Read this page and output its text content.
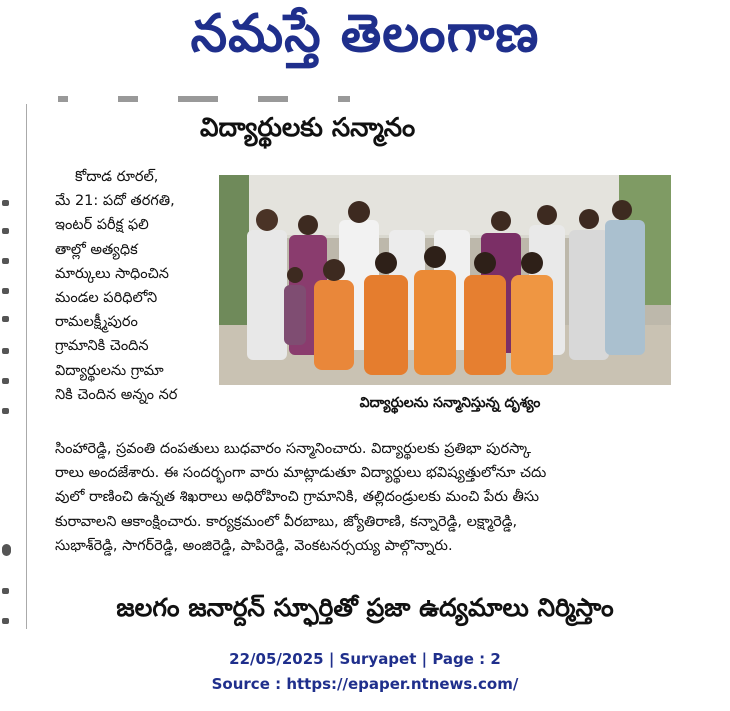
నమస్తే తెలంగాణ
విద్యార్థులకు సన్మానం
కోదాడ రూరల్,
మే 21: పదో తరగతి,
ఇంటర్ పరీక్ష ఫలి
తాల్లో అత్యధిక
మార్కులు సాధించిన
మండల పరిధిలోని
రామలక్ష్మీపురం
గ్రామానికి చెందిన
విద్యార్థులను గ్రామా
నికి చెందిన అన్నం నర
విద్యార్థులను సన్మానిస్తున్న దృశ్యం
సింహారెడ్డి, స్రవంతి దంపతులు బుధవారం సన్మానించారు. విద్యార్థులకు ప్రతిభా పురస్కా
రాలు అందజేశారు. ఈ సందర్భంగా వారు మాట్లాడుతూ విద్యార్థులు భవిష్యత్తులోనూ చదు
వులో రాణించి ఉన్నత శిఖరాలు అధిరోహించి గ్రామానికి, తల్లిదండ్రులకు మంచి పేరు తీసు
కురావాలని ఆకాంక్షించారు. కార్యక్రమంలో వీరబాబు, జ్యోతిరాణి, కన్నారెడ్డి, లక్ష్మారెడ్డి,
సుభాశ్‌రెడ్డి, సాగర్‌రెడ్డి, అంజిరెడ్డి, పాపిరెడ్డి, వెంకటనర్సయ్య పాల్గొన్నారు.
జలగం జనార్దన్ స్ఫూర్తితో ప్రజా ఉద్యమాలు నిర్మిస్తాం
22/05/2025 | Suryapet | Page : 2
Source : https://epaper.ntnews.com/
